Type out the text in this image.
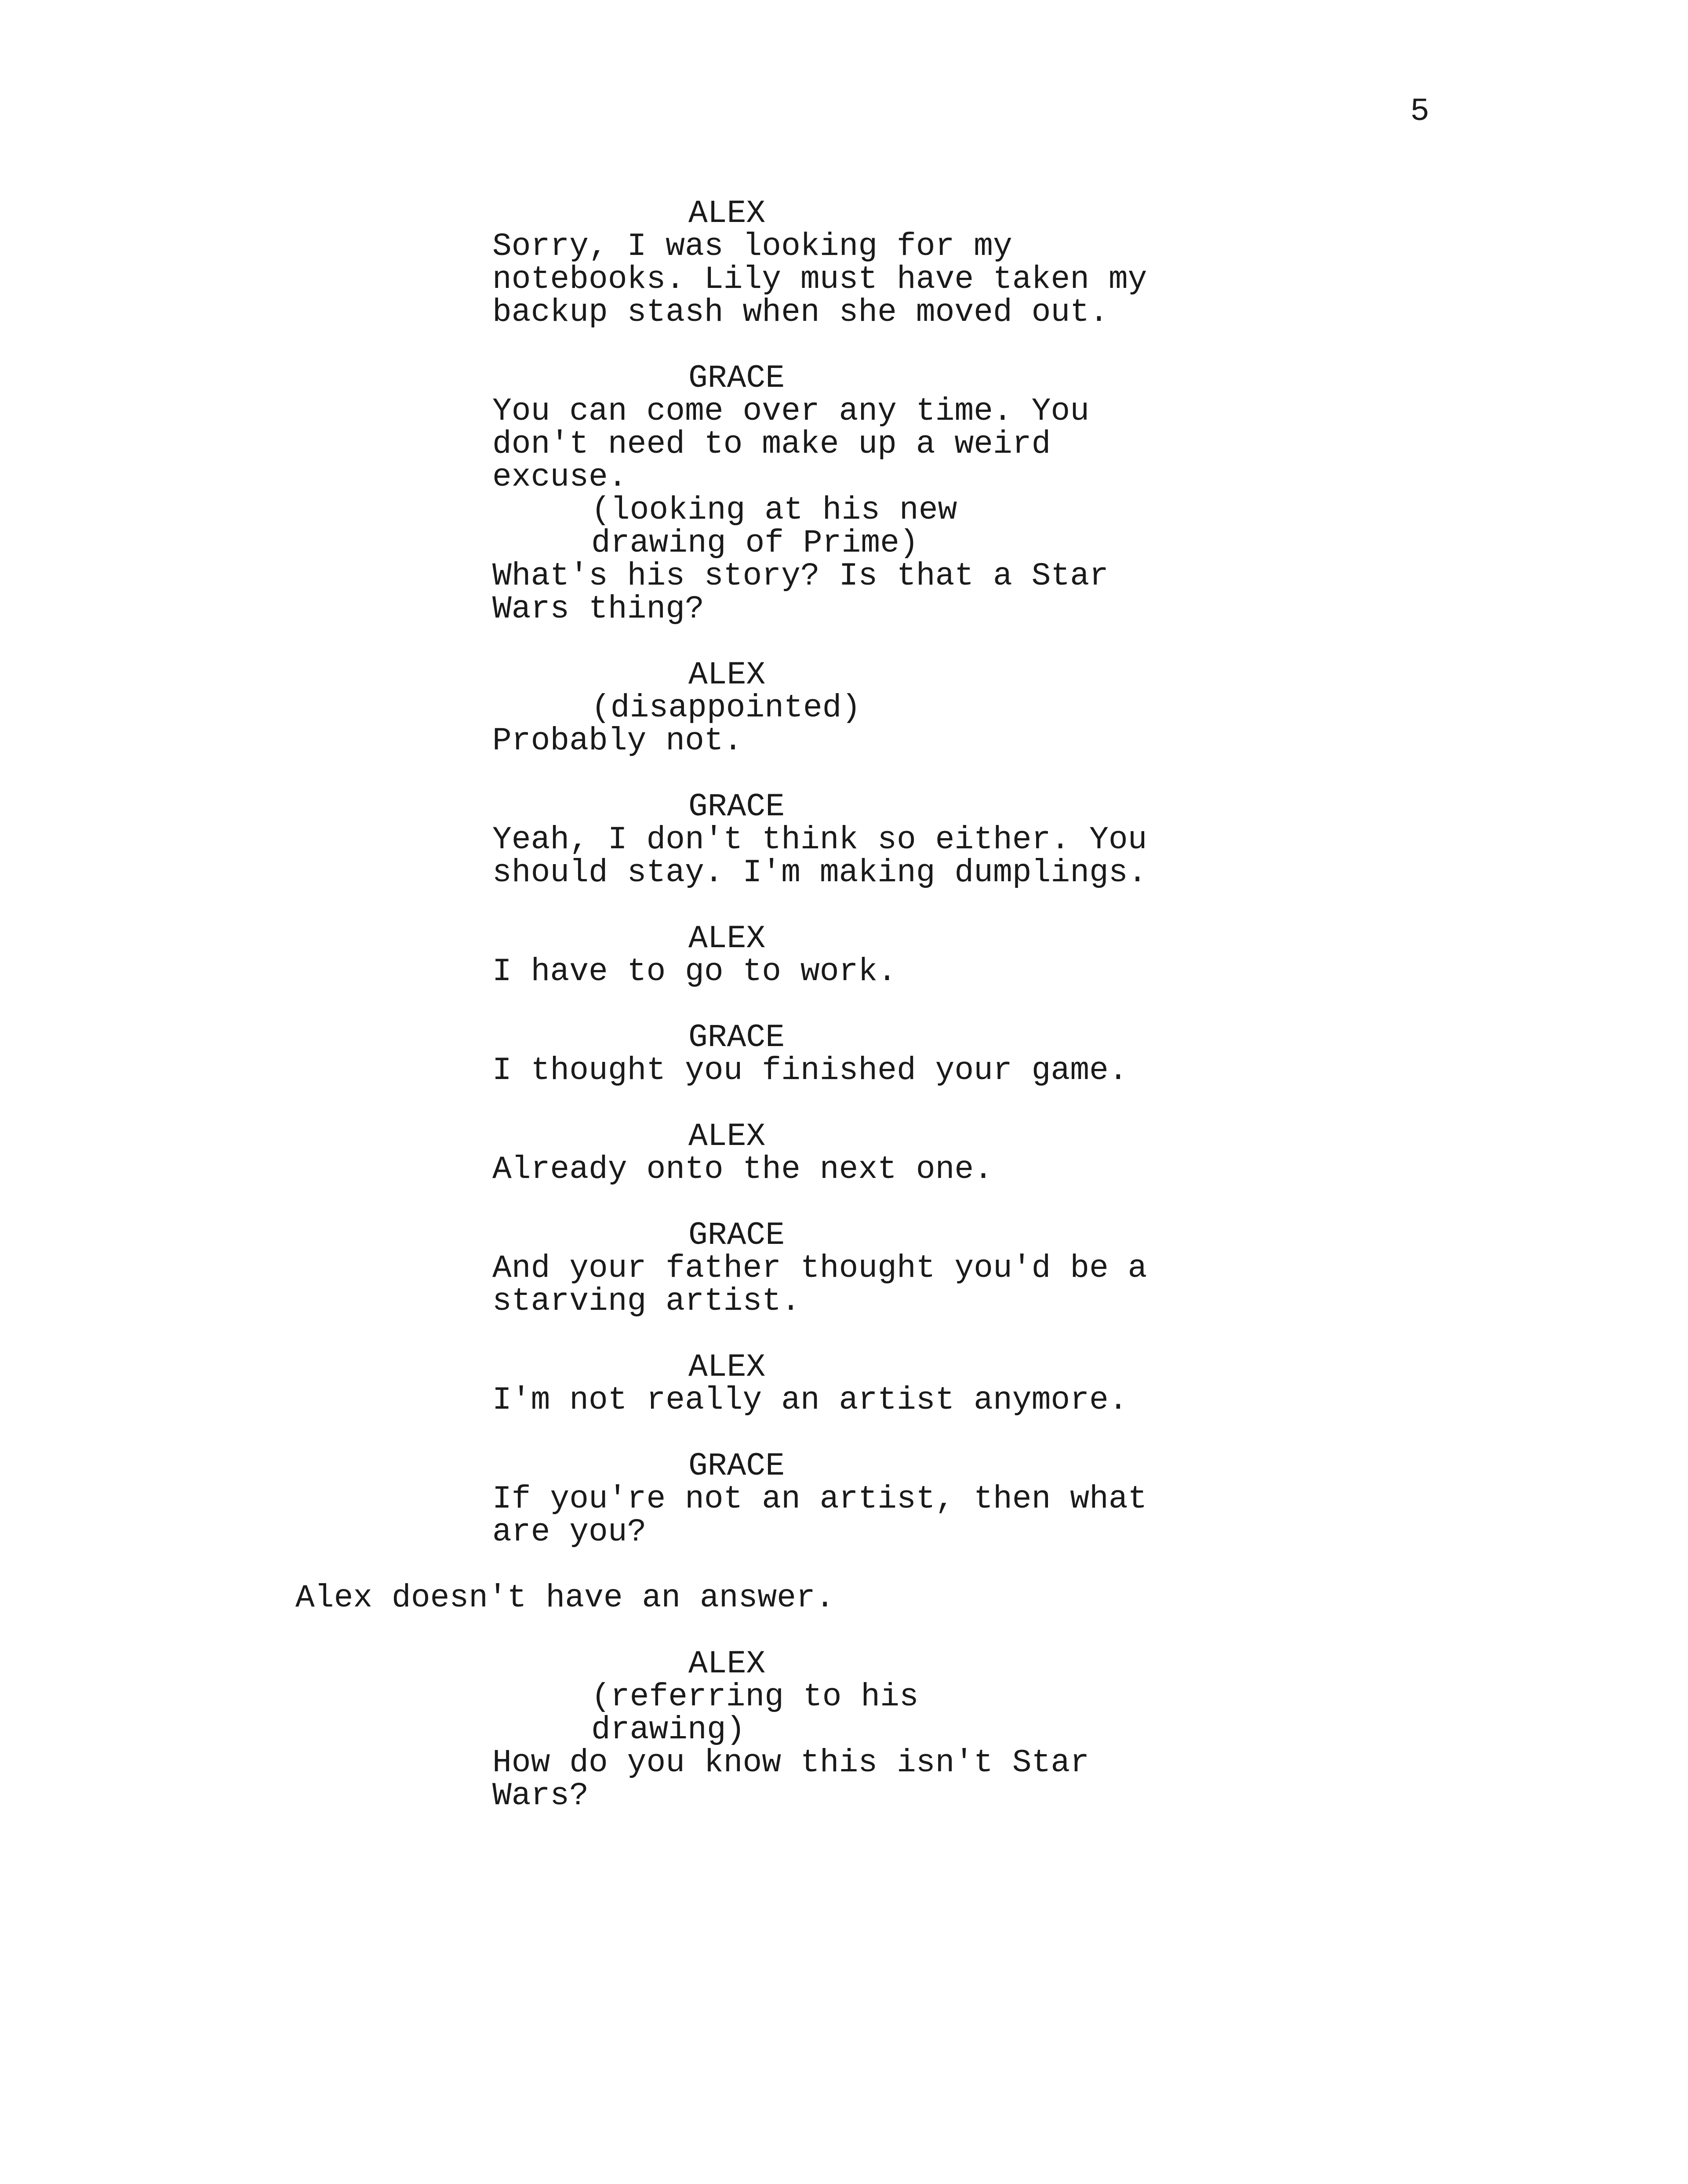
5
ALEX
Sorry, I was looking for my
notebooks. Lily must have taken my
backup stash when she moved out.
GRACE
You can come over any time. You
don't need to make up a weird
excuse.
(looking at his new
drawing of Prime)
What's his story? Is that a Star
Wars thing?
ALEX
(disappointed)
Probably not.
GRACE
Yeah, I don't think so either. You
should stay. I'm making dumplings.
ALEX
I have to go to work.
GRACE
I thought you finished your game.
ALEX
Already onto the next one.
GRACE
And your father thought you'd be a
starving artist.
ALEX
I'm not really an artist anymore.
GRACE
If you're not an artist, then what
are you?
Alex doesn't have an answer.
ALEX
(referring to his
drawing)
How do you know this isn't Star
Wars?
